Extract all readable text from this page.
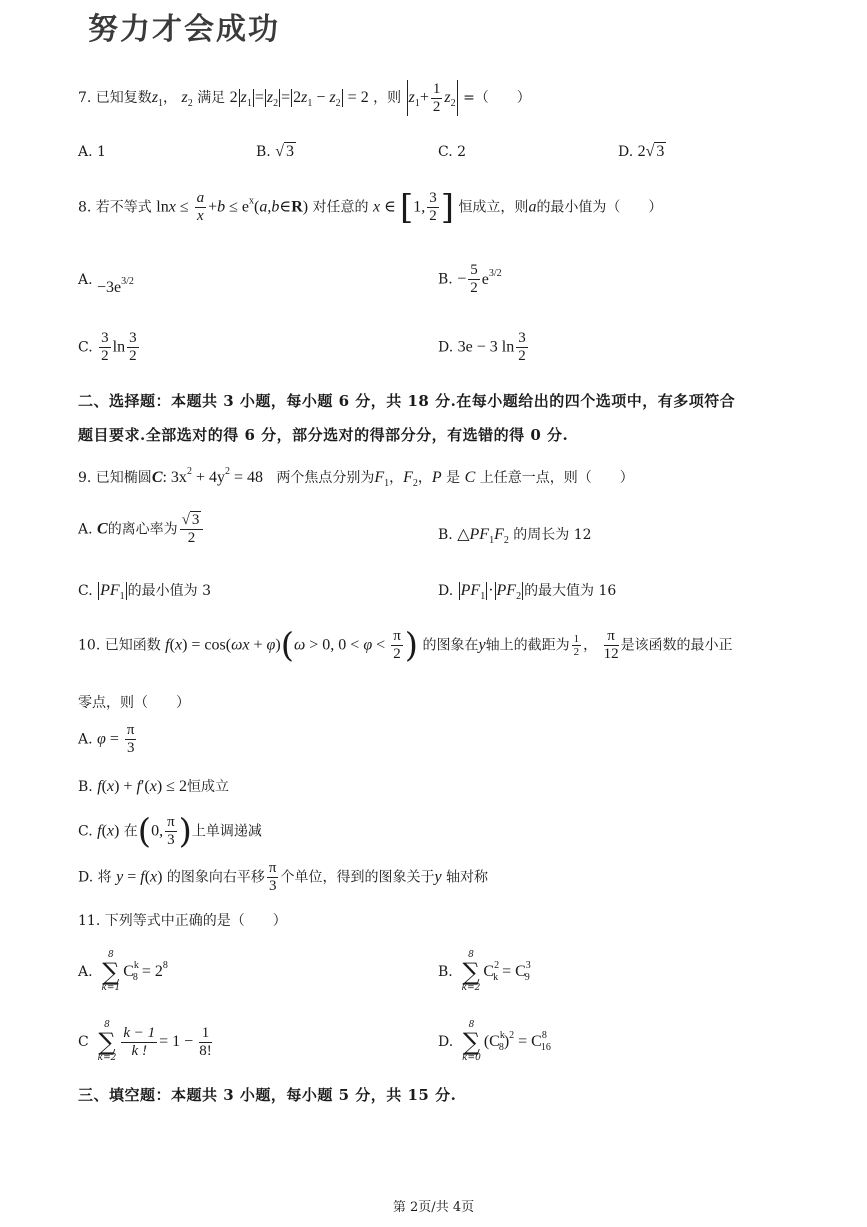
努力才会成功
7. 已知复数$z_1$， $z_2$ 满足 2 $z_1 = z_2 = 2z_1 - z_2 = 2$ ，则 $z_1+ \frac{1}{2} z_2$ =（　　）
A. 1	B. √ 3	C. 2	D. 2√ 3
8. 若不等式 $\ln x \le \frac{a}{x} +b$ ≤ $e^x(a,b\in R)$ 对任意的 x ∈ [1, $\frac{3}{2}$ ] 恒成立，则a的最小值为（　　）
A. $-3e^{3/2}$	B. − $\frac{5}{2} e^{3/2}$
C. $\frac{3}{2}$ $\ln \frac{3}{2}$	D. 3e − 3 $\ln \frac{3}{2}$
二、选择题：本题共 3 小题，每小题 6 分，共 18 分.在每小题给出的四个选项中，有多项符合
题目要求.全部选对的得 6 分，部分选对的得部分分，有选错的得 0 分.
9. 已知椭圆C: $3x^2 + 4y^2 = 48$ 两个焦点分别为$F_1$，$F_2$，P 是 C 上任意一点，则（　　）
A. C的离心率为 $\frac{√ 3}{2}$	B. $\triangle PF_1F_2$ 的周长为 12
C. $PF_1$ 的最小值为 3	D. $PF_1 \cdot PF_2$ 的最大值为 16
10. 已知函数 f(x) = cos(ωx + φ)(ω > 0, $0 < \varphi < \frac{\pi}{2}$ ) 的图象在y轴上的截距为 $\frac{1}{2}$ ， $\frac{\pi}{12}$ 是该函数的最小正
零点，则（　　）
A. $\varphi = \frac{\pi}{3}$
B. f(x) + f′(x) ≤ 2恒成立
C. f(x) 在(0, $\frac{\pi}{3}$ )上单调递减
D. 将 y = f(x) 的图象向右平移 $\frac{\pi}{3}$ 个单位，得到的图象关于y 轴对称
11. 下列等式中正确的是（　　）
A.
8
∑
k=1
$C^k_8 = 2^8$	B.
8
∑
k=2
$C^2_k = C^3_9$
C
8
∑
$k=2 \frac{k - 1}{k !} = 1 - \frac{1}{8!}$	D.
8
∑
k=0
$(C^k_8)^2 = C^8_{16}$
三、填空题：本题共 3 小题，每小题 5 分，共 15 分.
第 2页/共 4页
